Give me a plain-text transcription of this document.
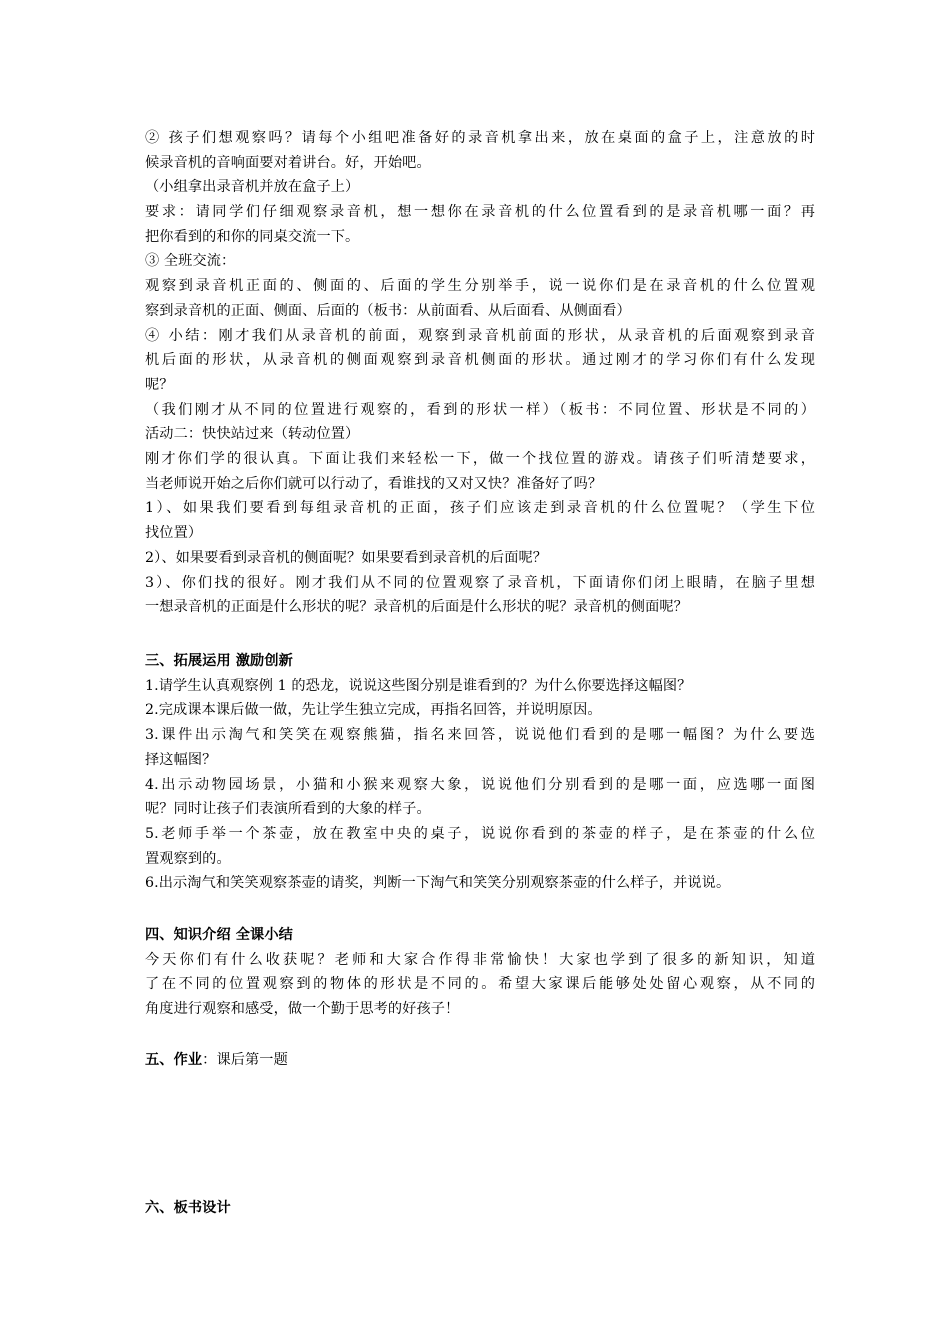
② 孩子们想观察吗？请每个小组吧准备好的录音机拿出来，放在桌面的盒子上，注意放的时
候录音机的音响面要对着讲台。好，开始吧。
（小组拿出录音机并放在盒子上）
要求：请同学们仔细观察录音机，想一想你在录音机的什么位置看到的是录音机哪一面？再
把你看到的和你的同桌交流一下。
③ 全班交流：
观察到录音机正面的、侧面的、后面的学生分别举手，说一说你们是在录音机的什么位置观
察到录音机的正面、侧面、后面的（板书：从前面看、从后面看、从侧面看）
④ 小结：刚才我们从录音机的前面，观察到录音机前面的形状，从录音机的后面观察到录音
机后面的形状，从录音机的侧面观察到录音机侧面的形状。通过刚才的学习你们有什么发现
呢？
（我们刚才从不同的位置进行观察的，看到的形状一样）（板书：不同位置、形状是不同的）
活动二：快快站过来（转动位置）
刚才你们学的很认真。下面让我们来轻松一下，做一个找位置的游戏。请孩子们听清楚要求，
当老师说开始之后你们就可以行动了，看谁找的又对又快？准备好了吗？
1）、如果我们要看到每组录音机的正面，孩子们应该走到录音机的什么位置呢？（学生下位
找位置）
2）、如果要看到录音机的侧面呢？如果要看到录音机的后面呢？
3）、你们找的很好。刚才我们从不同的位置观察了录音机，下面请你们闭上眼睛，在脑子里想
一想录音机的正面是什么形状的呢？录音机的后面是什么形状的呢？录音机的侧面呢？
三、拓展运用 激励创新
1.请学生认真观察例 1 的恐龙，说说这些图分别是谁看到的？为什么你要选择这幅图？
2.完成课本课后做一做，先让学生独立完成，再指名回答，并说明原因。
3.课件出示淘气和笑笑在观察熊猫，指名来回答，说说他们看到的是哪一幅图？为什么要选
择这幅图？
4.出示动物园场景，小猫和小猴来观察大象，说说他们分别看到的是哪一面，应选哪一面图
呢？同时让孩子们表演所看到的大象的样子。
5.老师手举一个茶壶，放在教室中央的桌子，说说你看到的茶壶的样子，是在茶壶的什么位
置观察到的。
6.出示淘气和笑笑观察茶壶的请奖，判断一下淘气和笑笑分别观察茶壶的什么样子，并说说。
四、知识介绍 全课小结
今天你们有什么收获呢？老师和大家合作得非常愉快！大家也学到了很多的新知识，知道
了在不同的位置观察到的物体的形状是不同的。希望大家课后能够处处留心观察，从不同的
角度进行观察和感受，做一个勤于思考的好孩子！
五、作业：课后第一题
六、板书设计
